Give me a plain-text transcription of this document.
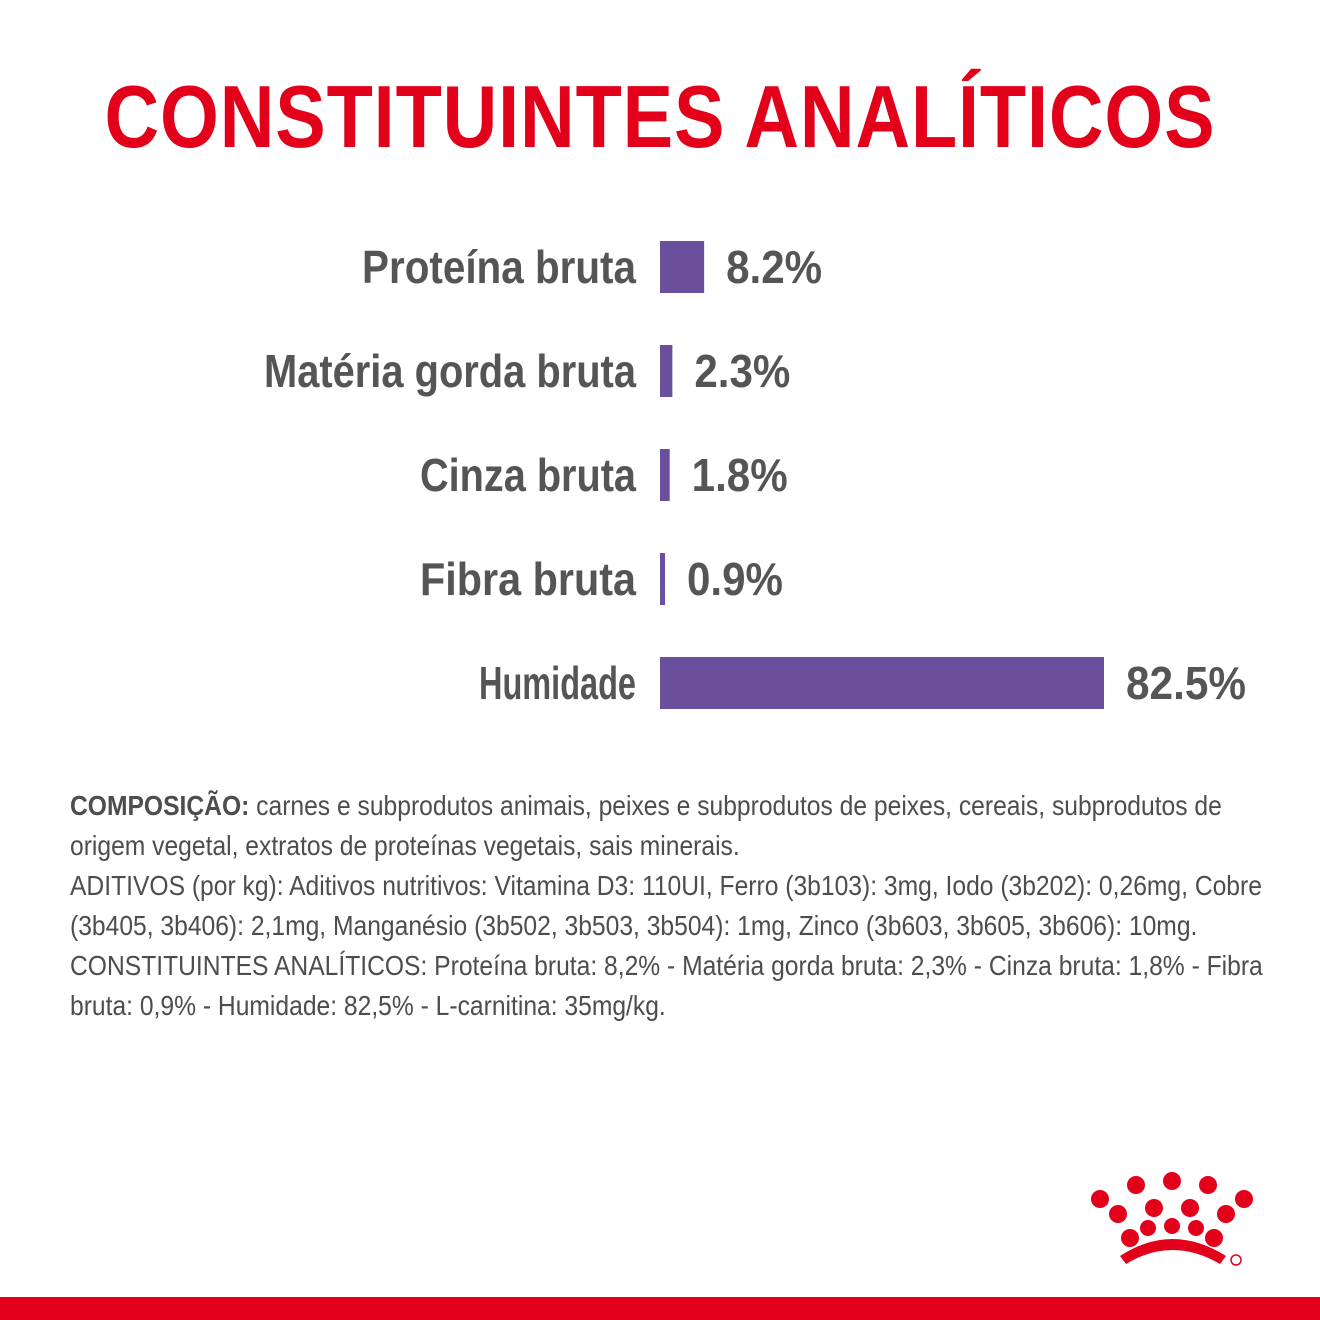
CONSTITUINTES ANALÍTICOS
Proteína bruta 8.2%
Matéria gorda bruta 2.3%
Cinza bruta 1.8%
Fibra bruta 0.9%
Humidade	82.5%

COMPOSIÇÃO: carnes e subprodutos animais, peixes e subprodutos de peixes, cereais, subprodutos de origem vegetal, extratos de proteínas vegetais, sais minerais.

ADITIVOS (por kg): Aditivos nutritivos: Vitamina D3: 110UI, Ferro (3b103): 3mg, Iodo (3b202): 0,26mg, Cobre (3b405, 3b406): 2,1mg, Manganésio (3b502, 3b503, 3b504): 1mg, Zinco (3b603, 3b605, 3b606): 10mg.

CONSTITUINTES ANALÍTICOS: Proteína bruta: 8,2% - Matéria gorda bruta: 2,3% - Cinza bruta: 1,8% - Fibra bruta: 0,9% - Humidade: 82,5% - L-carnitina: 35mg/kg.
